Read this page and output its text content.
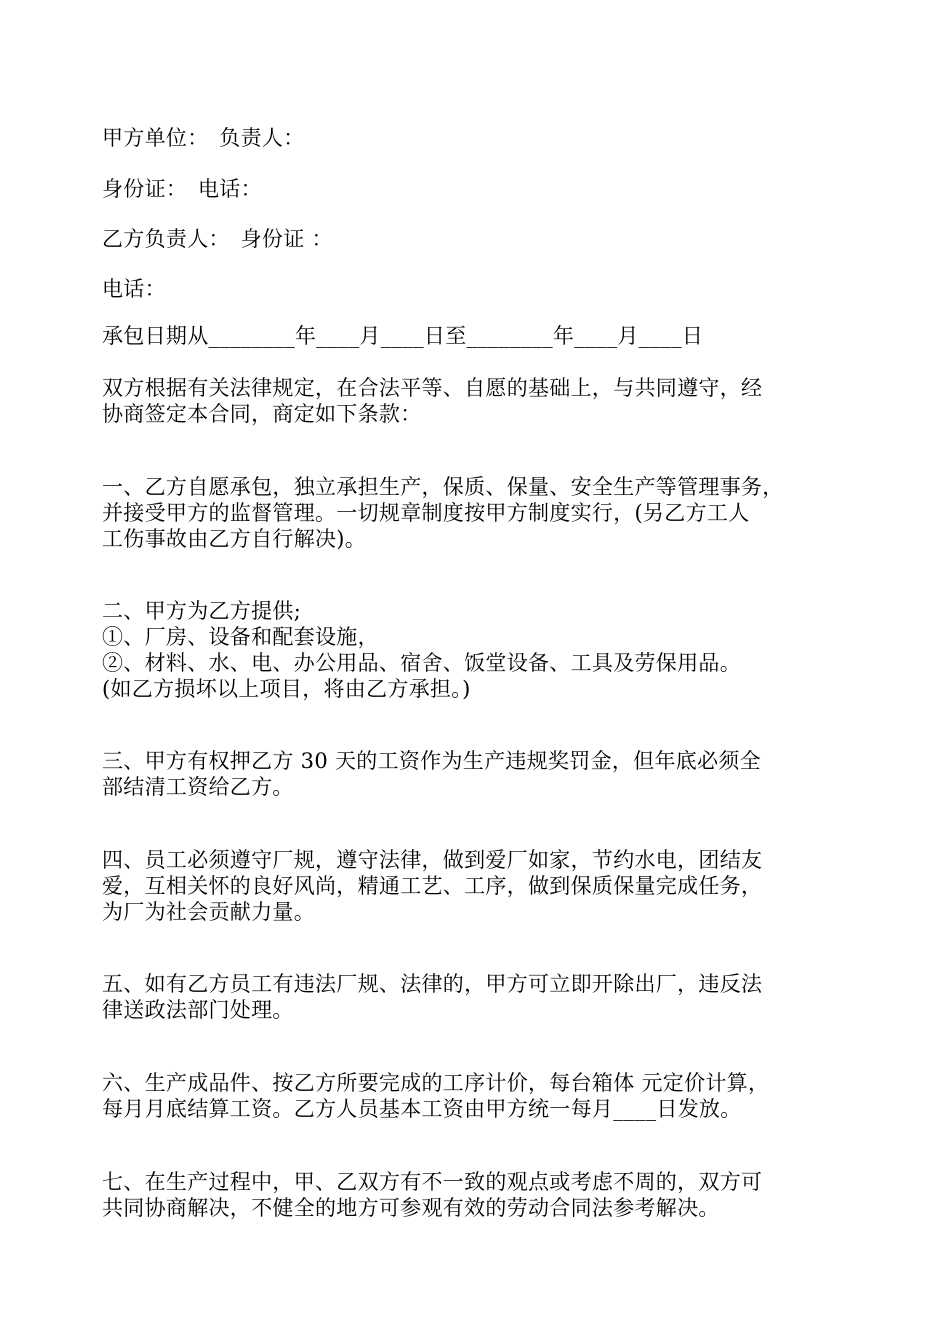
甲方单位：　负责人：
身份证：　电话：
乙方负责人：　身份证 ：
电话：
承包日期从________年____月____日至________年____月____日
双方根据有关法律规定，在合法平等、自愿的基础上，与共同遵守，经
协商签定本合同，商定如下条款：
一、乙方自愿承包，独立承担生产，保质、保量、安全生产等管理事务，
并接受甲方的监督管理。一切规章制度按甲方制度实行，(另乙方工人
工伤事故由乙方自行解决)。
二、甲方为乙方提供;
①、厂房、设备和配套设施，
②、材料、水、电、办公用品、宿舍、饭堂设备、工具及劳保用品。
(如乙方损坏以上项目，将由乙方承担。)
三、甲方有权押乙方 30 天的工资作为生产违规奖罚金，但年底必须全
部结清工资给乙方。
四、员工必须遵守厂规，遵守法律，做到爱厂如家，节约水电，团结友
爱，互相关怀的良好风尚，精通工艺、工序，做到保质保量完成任务，
为厂为社会贡献力量。
五、如有乙方员工有违法厂规、法律的，甲方可立即开除出厂，违反法
律送政法部门处理。
六、生产成品件、按乙方所要完成的工序计价，每台箱体 元定价计算，
每月月底结算工资。乙方人员基本工资由甲方统一每月____日发放。
七、在生产过程中，甲、乙双方有不一致的观点或考虑不周的，双方可
共同协商解决，不健全的地方可参观有效的劳动合同法参考解决。
